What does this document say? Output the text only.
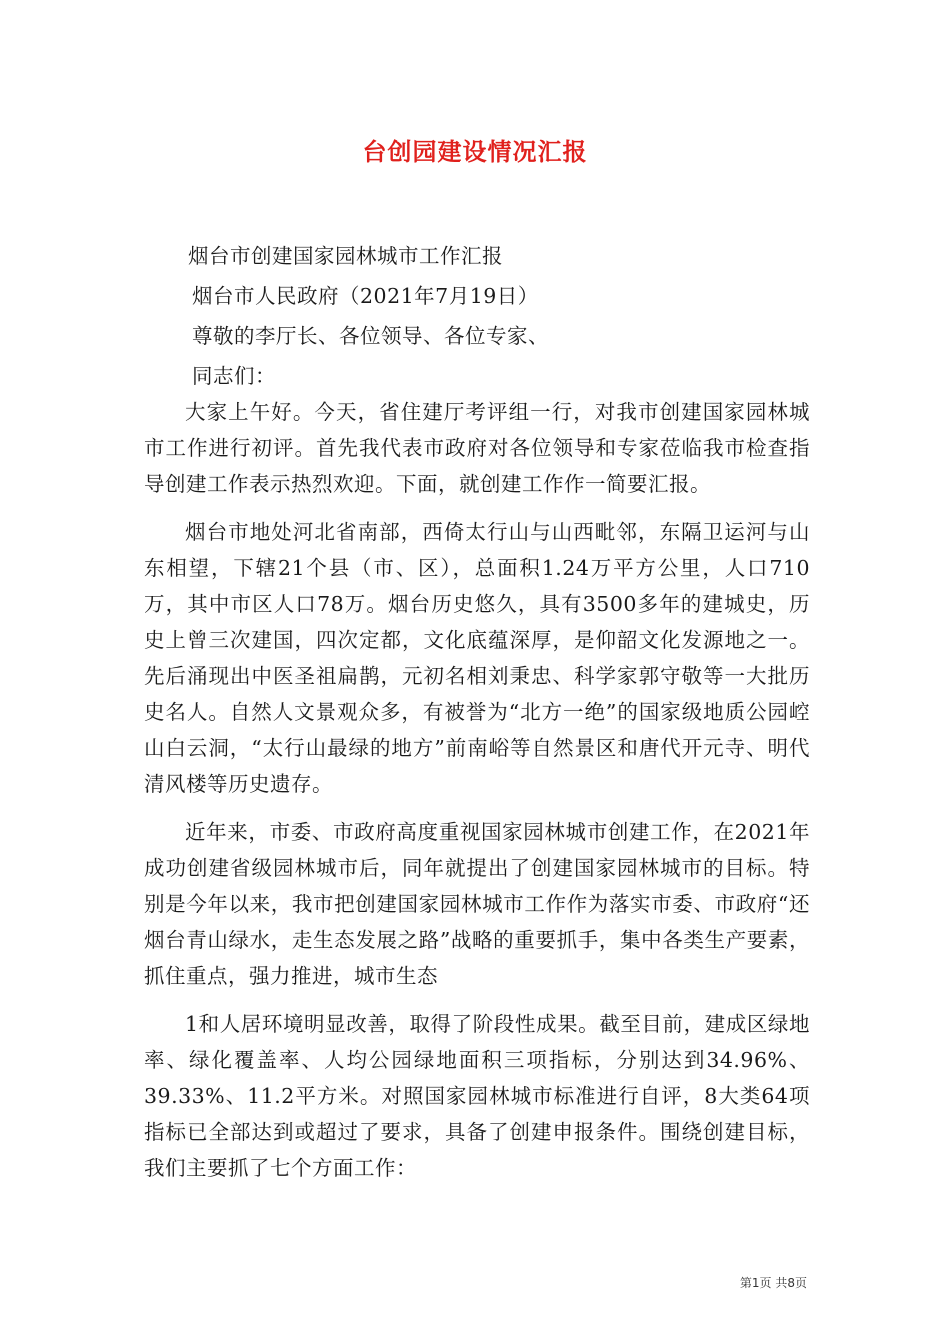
台创园建设情况汇报
烟台市创建国家园林城市工作汇报
烟台市人民政府（2021年7月19日）
尊敬的李厅长、各位领导、各位专家、
同志们：

大家上午好。今天，省住建厅考评组一行，对我市创建国家园林城市工作进行初评。首先我代表市政府对各位领导和专家莅临我市检查指导创建工作表示热烈欢迎。下面，就创建工作作一简要汇报。

烟台市地处河北省南部，西倚太行山与山西毗邻，东隔卫运河与山东相望，下辖21个县（市、区），总面积1.24万平方公里，人口710万，其中市区人口78万。烟台历史悠久，具有3500多年的建城史，历史上曾三次建国，四次定都，文化底蕴深厚，是仰韶文化发源地之一。先后涌现出中医圣祖扁鹊，元初名相刘秉忠、科学家郭守敬等一大批历史名人。自然人文景观众多，有被誉为“北方一绝”的国家级地质公园崆山白云洞，“太行山最绿的地方”前南峪等自然景区和唐代开元寺、明代清风楼等历史遗存。

近年来，市委、市政府高度重视国家园林城市创建工作，在2021年成功创建省级园林城市后，同年就提出了创建国家园林城市的目标。特别是今年以来，我市把创建国家园林城市工作作为落实市委、市政府“还烟台青山绿水，走生态发展之路”战略的重要抓手，集中各类生产要素，抓住重点，强力推进，城市生态

1和人居环境明显改善，取得了阶段性成果。截至目前，建成区绿地率、绿化覆盖率、人均公园绿地面积三项指标，分别达到34.96%、39.33%、11.2平方米。对照国家园林城市标准进行自评，8大类64项指标已全部达到或超过了要求，具备了创建申报条件。围绕创建目标，我们主要抓了七个方面工作：

第1页 共8页
